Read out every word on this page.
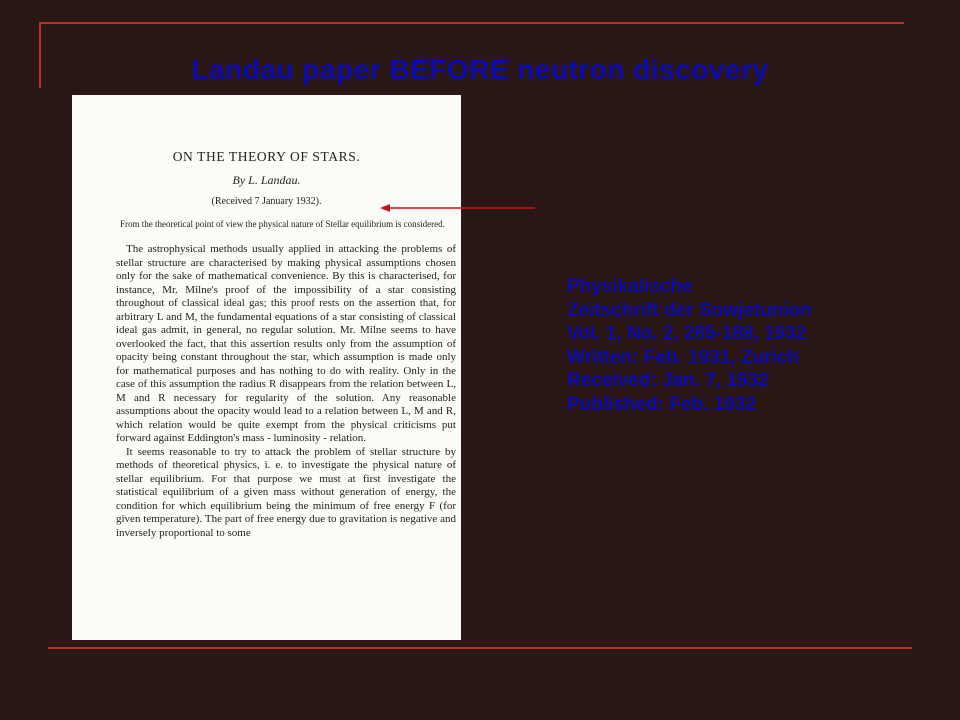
Landau paper BEFORE neutron discovery
ON THE THEORY OF STARS.
By L. Landau.
(Received 7 January 1932).
From the theoretical point of view the physical nature of Stellar equilibrium is considered.

The astrophysical methods usually applied in attacking the problems of stellar structure are characterised by making physical assumptions chosen only for the sake of mathematical convenience. By this is characterised, for instance, Mr. Milne's proof of the impossibility of a star consisting throughout of classical ideal gas; this proof rests on the assertion that, for arbitrary L and M, the fundamental equations of a star consisting of classical ideal gas admit, in general, no regular solution. Mr. Milne seems to have overlooked the fact, that this assertion results only from the assumption of opacity being constant throughout the star, which assumption is made only for mathematical purposes and has nothing to do with reality. Only in the case of this assumption the radius R disappears from the relation between L, M and R necessary for regularity of the solution. Any reasonable assumptions about the opacity would lead to a relation between L, M and R, which relation would be quite exempt from the physical criticisms put forward against Eddington's mass - luminosity - relation.

It seems reasonable to try to attack the problem of stellar structure by methods of theoretical physics, i. e. to investigate the physical nature of stellar equilibrium. For that purpose we must at first investigate the statistical equilibrium of a given mass without generation of energy, the condition for which equilibrium being the minimum of free energy F (for given temperature). The part of free energy due to gravitation is negative and inversely proportional to some

Physikalische
Zeitschrift der Sowjetunion
Vol. 1, No. 2, 285-188, 1932
Written: Feb. 1931, Zurich
Received: Jan. 7, 1932
Published: Feb. 1932
